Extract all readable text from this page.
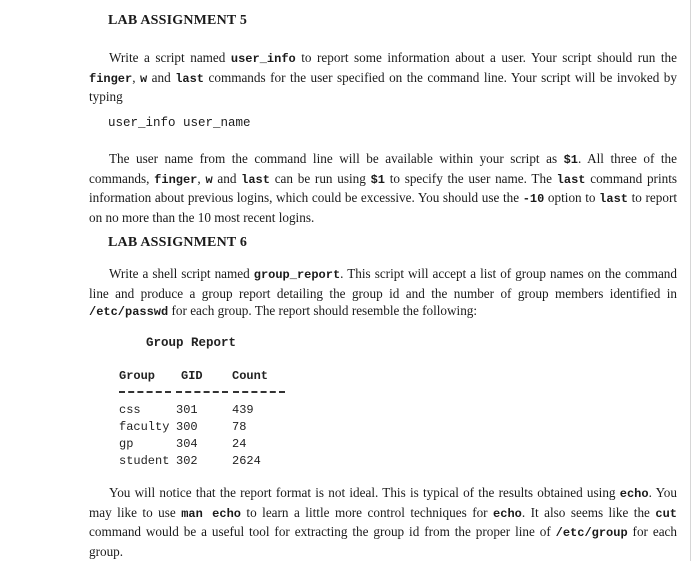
LAB ASSIGNMENT 5

Write a script named user_info to report some information about a user. Your script should run the finger, w and last commands for the user specified on the command line. Your script will be invoked by typing

user_info user_name

The user name from the command line will be available within your script as $1. All three of the commands, finger, w and last can be run using $1 to specify the user name. The last command prints information about previous logins, which could be excessive. You should use the -10 option to last to report on no more than the 10 most recent logins.

LAB ASSIGNMENT 6

Write a shell script named group_report. This script will accept a list of group names on the command line and produce a group report detailing the group id and the number of group members identified in /etc/passwd for each group. The report should resemble the following:

Group Report
Group GID Count
css	301	439
faculty 300	78
gp	304	24
student 302	2624

You will notice that the report format is not ideal. This is typical of the results obtained using echo. You may like to use man echo to learn a little more control techniques for echo. It also seems like the cut command would be a useful tool for extracting the group id from the proper line of /etc/group for each group.
